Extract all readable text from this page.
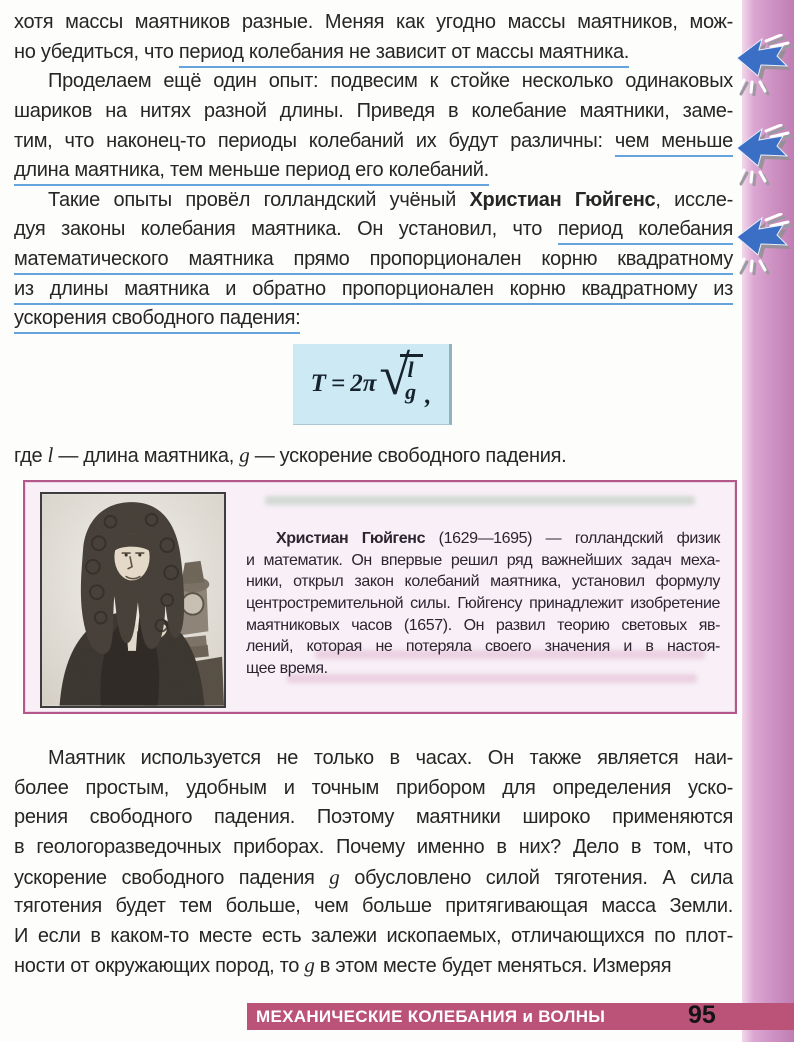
хотя массы маятников разные. Меняя как угодно массы маятников, мож-
но убедиться, что период колебания не зависит от массы маятника.
Проделаем ещё один опыт: подвесим к стойке несколько одинаковых
шариков на нитях разной длины. Приведя в колебание маятники, заме-
тим, что наконец-то периоды колебаний их будут различны: чем меньше
длина маятника, тем меньше период его колебаний.
Такие опыты провёл голландский учёный Христиан Гюйгенс, иссле-
дуя законы колебания маятника. Он установил, что период колебания
математического маятника прямо пропорционален корню квадратному
из длины маятника и обратно пропорционален корню квадратному из
ускорения свободного падения:
T = 2π √ l
g ,
где l — длина маятника, g — ускорение свободного падения.
Христиан Гюйгенс (1629—1695) — голландский физик
и математик. Он впервые решил ряд важнейших задач меха-
ники, открыл закон колебаний маятника, установил формулу
центростремительной силы. Гюйгенсу принадлежит изобретение
маятниковых часов (1657). Он развил теорию световых яв-
лений, которая не потеряла своего значения и в настоя-
щее время.
Маятник используется не только в часах. Он также является наи-
более простым, удобным и точным прибором для определения уско-
рения свободного падения. Поэтому маятники широко применяются
в геологоразведочных приборах. Почему именно в них? Дело в том, что
ускорение свободного падения g обусловлено силой тяготения. А сила
тяготения будет тем больше, чем больше притягивающая масса Земли.
И если в каком-то месте есть залежи ископаемых, отличающихся по плот-
ности от окружающих пород, то g в этом месте будет меняться. Измеряя
МЕХАНИЧЕСКИЕ КОЛЕБАНИЯ и ВОЛНЫ	95
